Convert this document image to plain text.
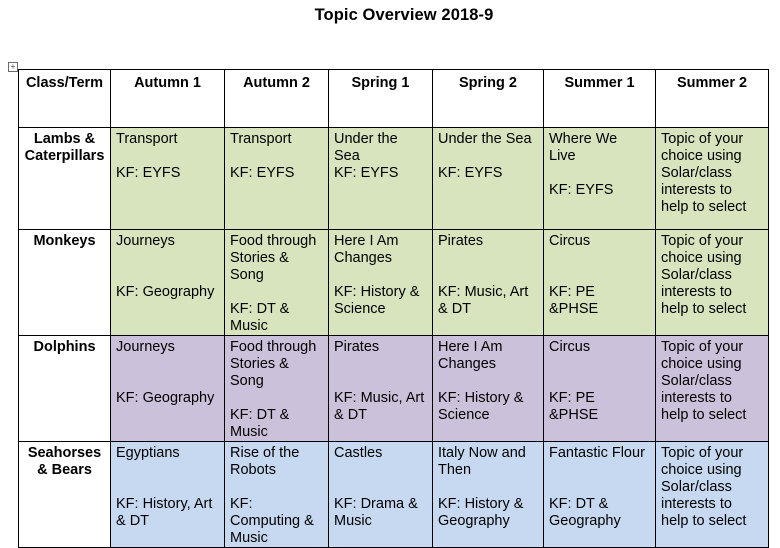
Topic Overview 2018-9
+
Class/Term	Autumn 1	Autumn 2	Spring 1	Spring 2	Summer 1	Summer 2
Lambs &
Caterpillars	Transport
KF: EYFS	Transport
KF: EYFS	Under the
Sea
KF: EYFS	Under the Sea
KF: EYFS	Where We
Live
KF: EYFS	Topic of your
choice using
Solar/class
interests to
help to select
Monkeys	Journeys
KF: Geography	Food through
Stories &
Song
KF: DT &
Music	Here I Am
Changes
KF: History &
Science	Pirates
KF: Music, Art
& DT	Circus
KF: PE
&PHSE	Topic of your
choice using
Solar/class
interests to
help to select
Dolphins	Journeys
KF: Geography	Food through
Stories &
Song
KF: DT &
Music	Pirates
KF: Music, Art
& DT	Here I Am
Changes
KF: History &
Science	Circus
KF: PE
&PHSE	Topic of your
choice using
Solar/class
interests to
help to select
Seahorses
& Bears	Egyptians
KF: History, Art
& DT	Rise of the
Robots
KF:
Computing &
Music	Castles
KF: Drama &
Music	Italy Now and
Then
KF: History &
Geography	Fantastic Flour
KF: DT &
Geography	Topic of your
choice using
Solar/class
interests to
help to select
